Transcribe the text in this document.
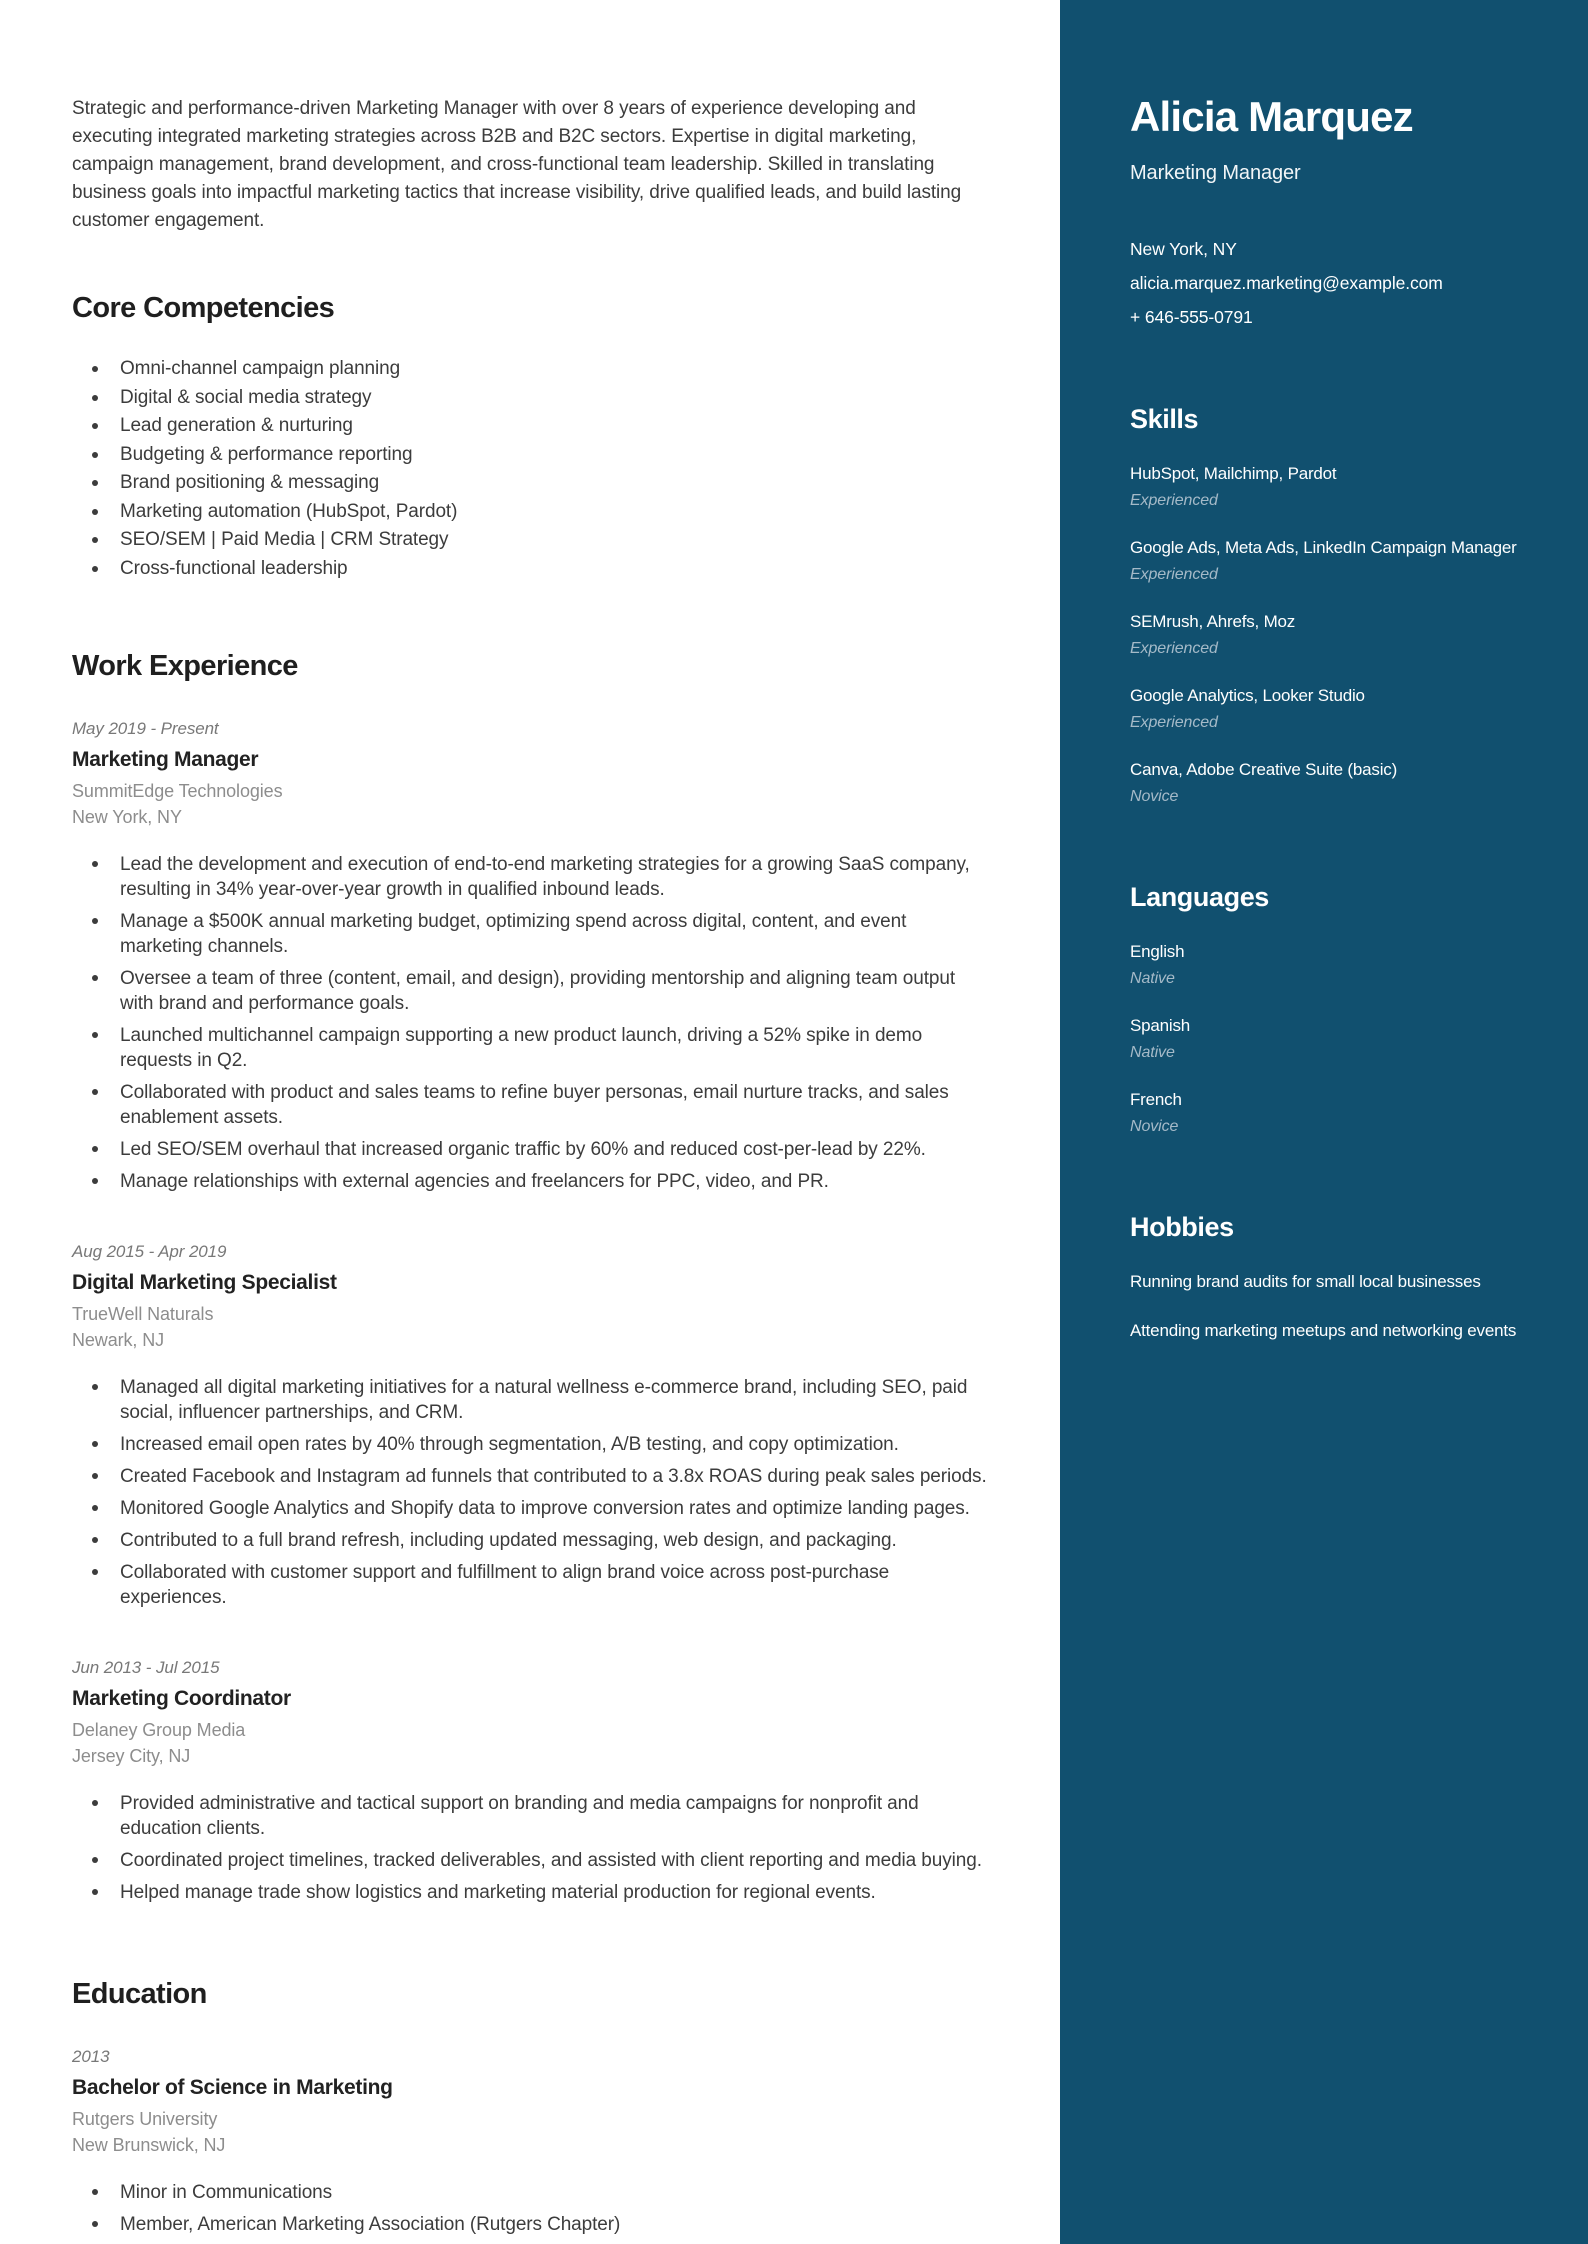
Strategic and performance-driven Marketing Manager with over 8 years of experience developing and executing integrated marketing strategies across B2B and B2C sectors. Expertise in digital marketing, campaign management, brand development, and cross-functional team leadership. Skilled in translating business goals into impactful marketing tactics that increase visibility, drive qualified leads, and build lasting customer engagement.

Core Competencies
Omni-channel campaign planning
Digital & social media strategy
Lead generation & nurturing
Budgeting & performance reporting
Brand positioning & messaging
Marketing automation (HubSpot, Pardot)
SEO/SEM | Paid Media | CRM Strategy
Cross-functional leadership
Work Experience
May 2019 - Present
Marketing Manager
SummitEdge Technologies
New York, NY
Lead the development and execution of end-to-end marketing strategies for a growing SaaS company, resulting in 34% year-over-year growth in qualified inbound leads.
Manage a $500K annual marketing budget, optimizing spend across digital, content, and event marketing channels.
Oversee a team of three (content, email, and design), providing mentorship and aligning team output with brand and performance goals.
Launched multichannel campaign supporting a new product launch, driving a 52% spike in demo requests in Q2.
Collaborated with product and sales teams to refine buyer personas, email nurture tracks, and sales enablement assets.
Led SEO/SEM overhaul that increased organic traffic by 60% and reduced cost-per-lead by 22%.
Manage relationships with external agencies and freelancers for PPC, video, and PR.
Aug 2015 - Apr 2019
Digital Marketing Specialist
TrueWell Naturals
Newark, NJ
Managed all digital marketing initiatives for a natural wellness e-commerce brand, including SEO, paid social, influencer partnerships, and CRM.
Increased email open rates by 40% through segmentation, A/B testing, and copy optimization.
Created Facebook and Instagram ad funnels that contributed to a 3.8x ROAS during peak sales periods.
Monitored Google Analytics and Shopify data to improve conversion rates and optimize landing pages.
Contributed to a full brand refresh, including updated messaging, web design, and packaging.
Collaborated with customer support and fulfillment to align brand voice across post-purchase experiences.
Jun 2013 - Jul 2015
Marketing Coordinator
Delaney Group Media
Jersey City, NJ
Provided administrative and tactical support on branding and media campaigns for nonprofit and education clients.
Coordinated project timelines, tracked deliverables, and assisted with client reporting and media buying.
Helped manage trade show logistics and marketing material production for regional events.
Education
2013
Bachelor of Science in Marketing
Rutgers University
New Brunswick, NJ
Minor in Communications
Member, American Marketing Association (Rutgers Chapter)
Alicia Marquez
Marketing Manager
New York, NY
alicia.marquez.marketing@example.com
+ 646-555-0791
Skills
HubSpot, Mailchimp, Pardot
Experienced
Google Ads, Meta Ads, LinkedIn Campaign Manager
Experienced
SEMrush, Ahrefs, Moz
Experienced
Google Analytics, Looker Studio
Experienced
Canva, Adobe Creative Suite (basic)
Novice
Languages
English
Native
Spanish
Native
French
Novice
Hobbies
Running brand audits for small local businesses
Attending marketing meetups and networking events
